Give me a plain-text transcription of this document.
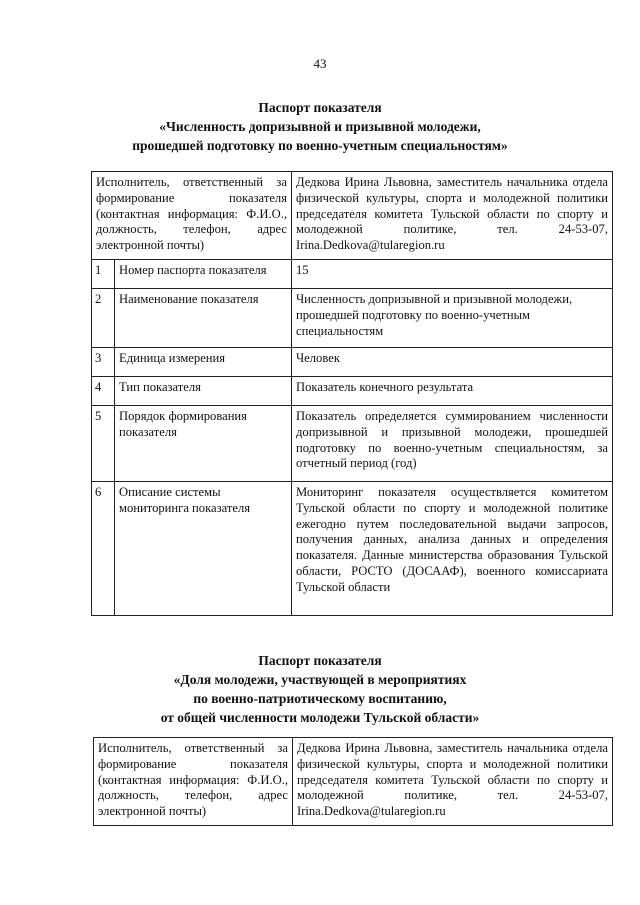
43
Паспорт показателя
«Численность допризывной и призывной молодежи,
прошедшей подготовку по военно-учетным специальностям»
Исполнитель, ответственный за формирование показателя (контактная информация: Ф.И.О., должность, телефон, адрес электронной почты)		Дедкова Ирина Львовна, заместитель начальника отдела физической культуры, спорта и молодежной политики председателя комитета Тульской области по спорту и молодежной политике, тел. 24-53-07, Irina.Dedkova@tularegion.ru
1	Номер паспорта показателя	15
2	Наименование показателя	Численность допризывной и призывной молодежи, прошедшей подготовку по военно-учетным специальностям
3	Единица измерения	Человек
4	Тип показателя	Показатель конечного результата
5	Порядок формирования показателя	Показатель определяется суммированием численности допризывной и призывной молодежи, прошедшей подготовку по военно-учетным специальностям, за отчетный период (год)
6	Описание системы мониторинга показателя	Мониторинг показателя осуществляется комитетом Тульской области по спорту и молодежной политике ежегодно путем последовательной выдачи запросов, получения данных, анализа данных и определения показателя. Данные министерства образования Тульской области, РОСТО (ДОСААФ), военного комиссариата Тульской области
Паспорт показателя
«Доля молодежи, участвующей в мероприятиях
по военно-патриотическому воспитанию,
от общей численности молодежи Тульской области»
Исполнитель, ответственный за формирование показателя (контактная информация: Ф.И.О., должность, телефон, адрес электронной почты)	Дедкова Ирина Львовна, заместитель начальника отдела физической культуры, спорта и молодежной политики председателя комитета Тульской области по спорту и молодежной политике, тел. 24-53-07, Irina.Dedkova@tularegion.ru
